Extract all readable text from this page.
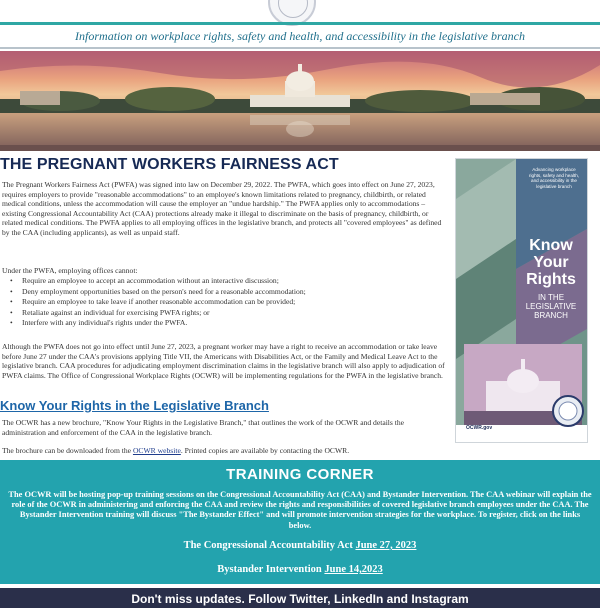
Information on workplace rights, safety and health, and accessibility in the legislative branch
THE PREGNANT WORKERS FAIRNESS ACT
The Pregnant Workers Fairness Act (PWFA) was signed into law on December 29, 2022. The PWFA, which goes into effect on June 27, 2023, requires employers to provide "reasonable accommodations" to an employee's known limitations related to pregnancy, childbirth, or related medical conditions, unless the accommodation will cause the employer an "undue hardship." The PWFA applies only to accommodations – existing Congressional Accountability Act (CAA) protections already make it illegal to discriminate on the basis of pregnancy, childbirth, or related medical conditions. The PWFA applies to all employing offices in the legislative branch, and protects all "covered employees" as defined by the CAA (including applicants), as well as unpaid staff.
Under the PWFA, employing offices cannot:
• Require an employee to accept an accommodation without an interactive discussion;
• Deny employment opportunities based on the person's need for a reasonable accommodation;
• Require an employee to take leave if another reasonable accommodation can be provided;
• Retaliate against an individual for exercising PWFA rights; or
• Interfere with any individual's rights under the PWFA.
Although the PWFA does not go into effect until June 27, 2023, a pregnant worker may have a right to receive an accommodation or take leave before June 27 under the CAA's provisions applying Title VII, the Americans with Disabilities Act, or the Family and Medical Leave Act to the legislative branch. CAA procedures for adjudicating employment discrimination claims in the legislative branch will also apply to adjudication of PWFA claims. The Office of Congressional Workplace Rights (OCWR) will be implementing regulations for the PWFA in the legislative branch.
Know Your Rights in the Legislative Branch
The OCWR has a new brochure, "Know Your Rights in the Legislative Branch," that outlines the work of the OCWR and details the administration and enforcement of the CAA in the legislative branch.
The brochure can be downloaded from the OCWR website. Printed copies are available by contacting the OCWR.
Advancing workplace rights, safety and health, and accessibility in the legislative branch
Know Your Rights
IN THE LEGISLATIVE BRANCH
OCWR.gov
TRAINING CORNER
The OCWR will be hosting pop-up training sessions on the Congressional Accountability Act (CAA) and Bystander Intervention. The CAA webinar will explain the role of the OCWR in administering and enforcing the CAA and review the rights and responsibilities of covered legislative branch employees under the CAA. The Bystander Intervention training will discuss "The Bystander Effect" and will promote intervention strategies for the workplace. To register, click on the links below.
The Congressional Accountability Act June 27, 2023
Bystander Intervention June 14,2023
Don't miss updates. Follow Twitter, LinkedIn and Instagram
